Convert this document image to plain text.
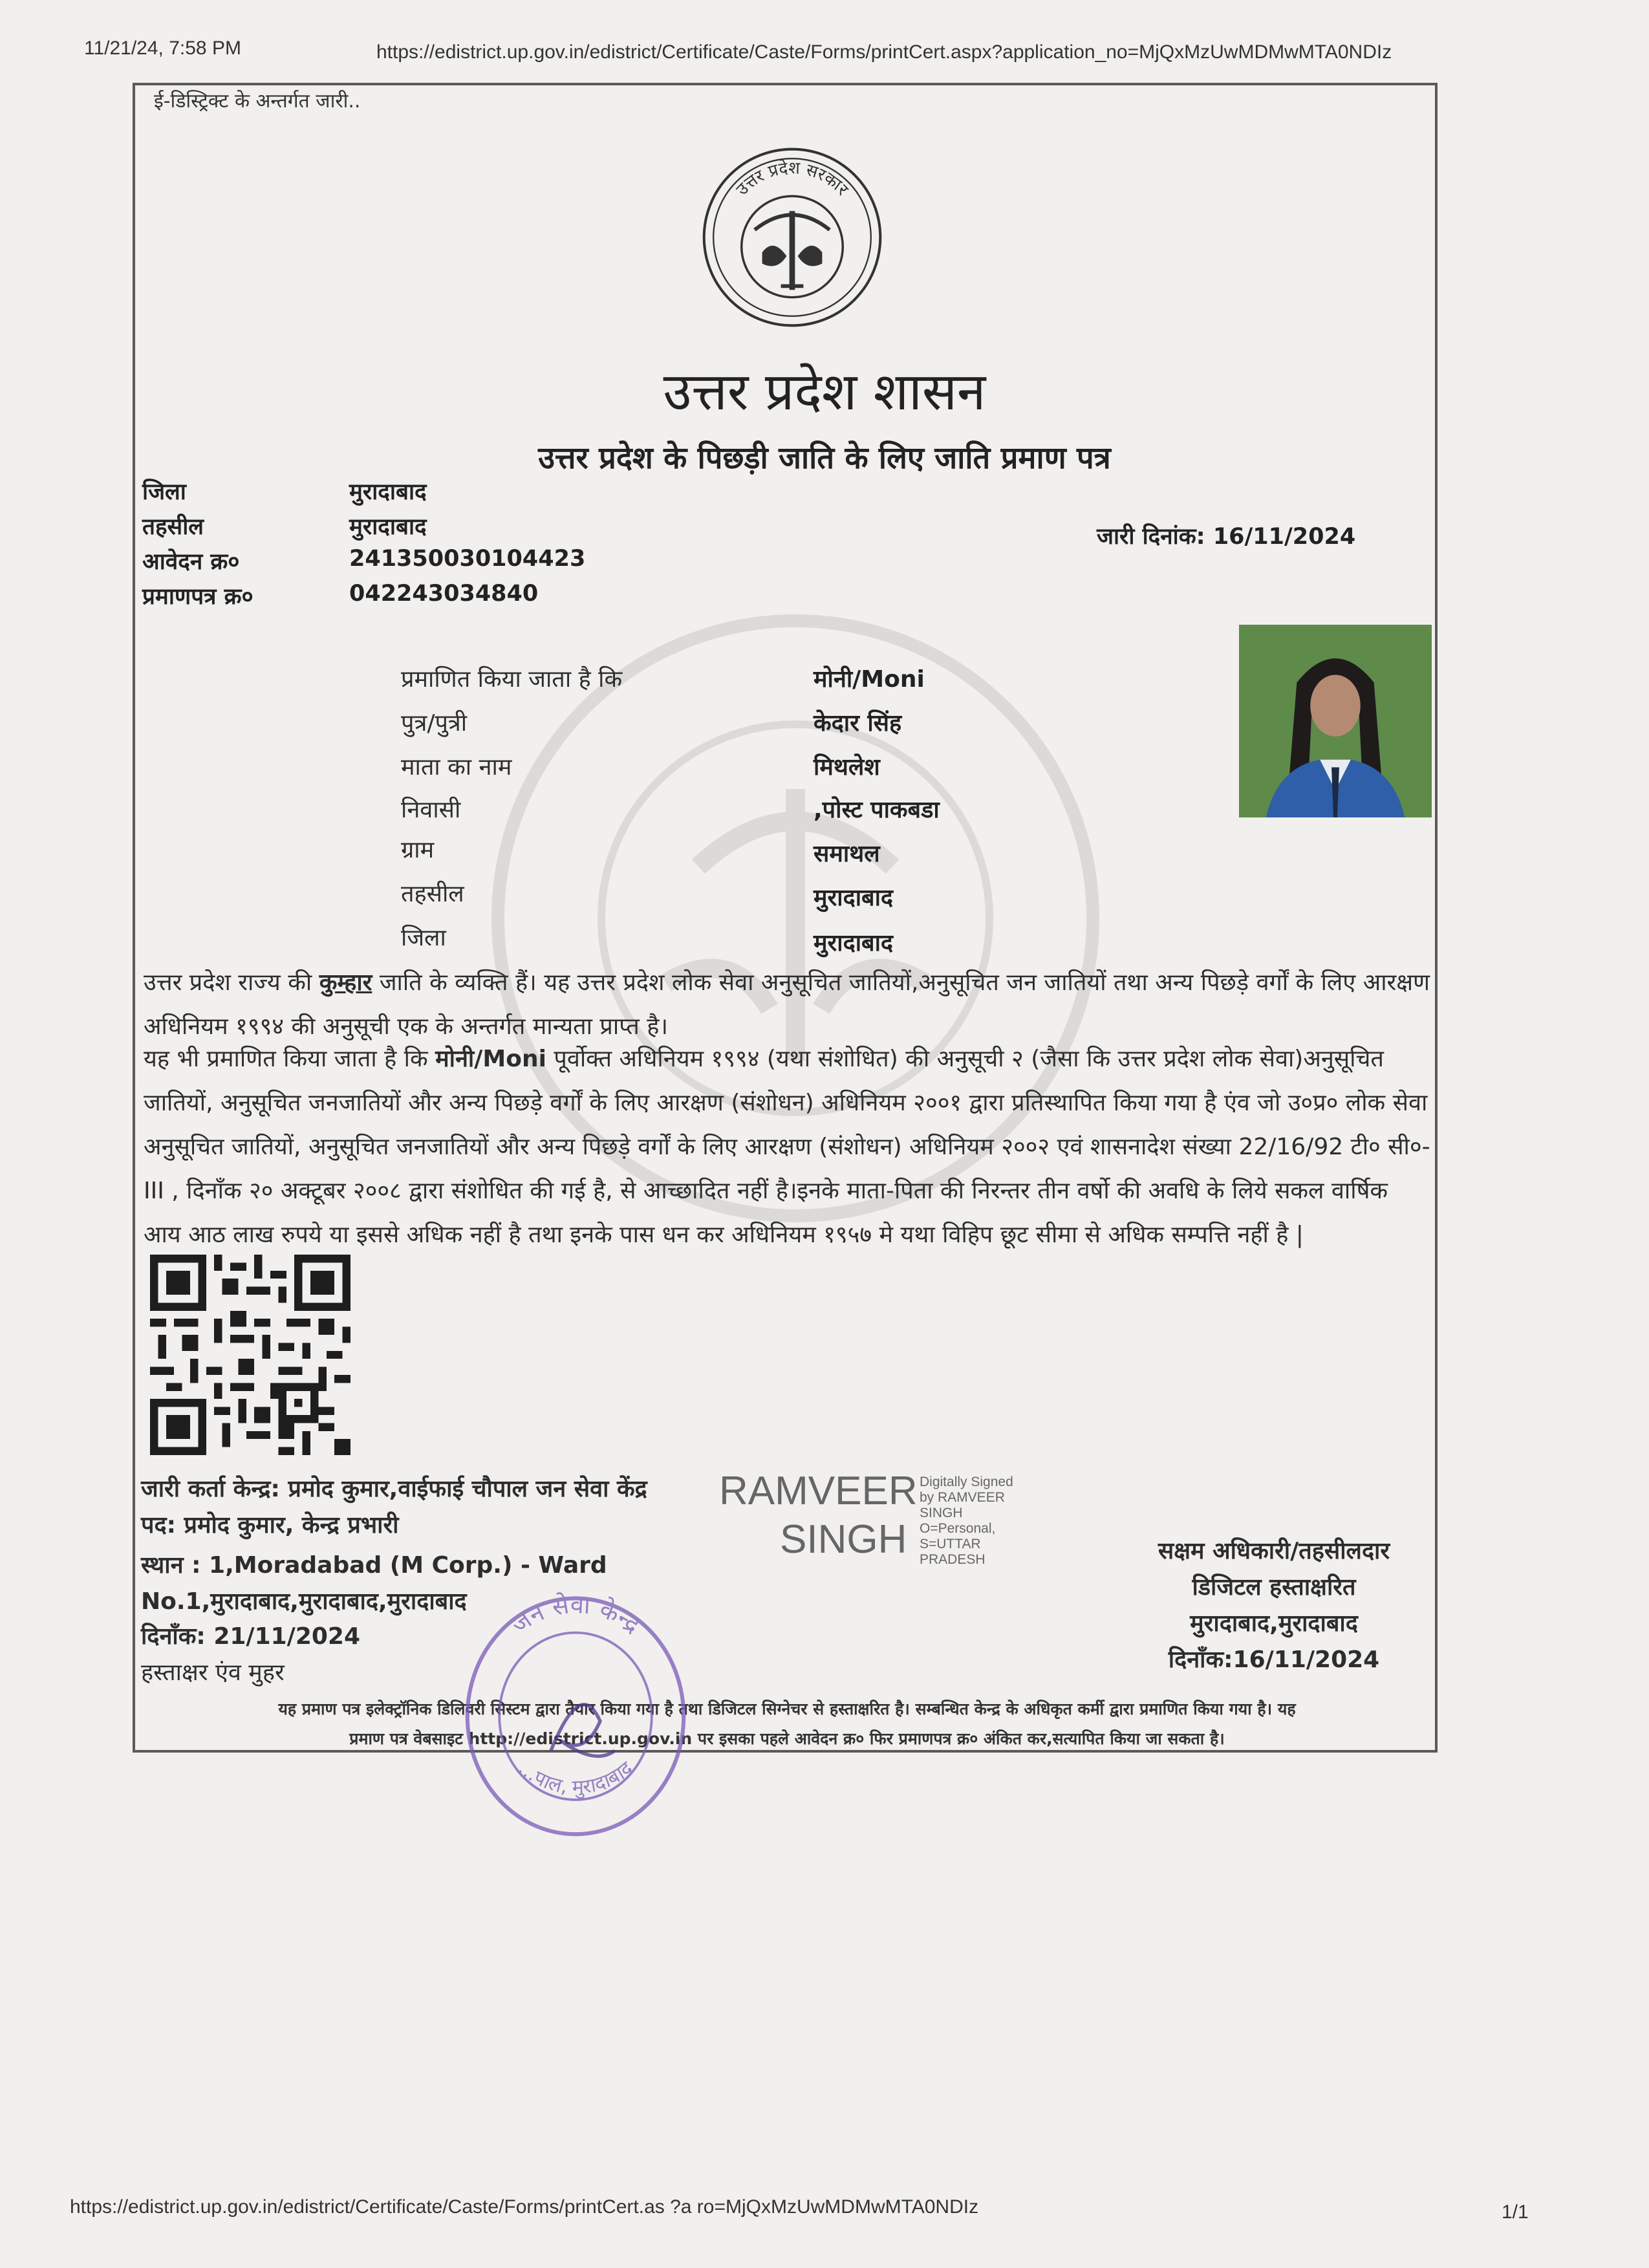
11/21/24, 7:58 PM	https://edistrict.up.gov.in/edistrict/Certificate/Caste/Forms/printCert.aspx?application_no=MjQxMzUwMDMwMTA0NDIz
https://edistrict.up.gov.in/edistrict/Certificate/Caste/Forms/printCert.as ?a ro=MjQxMzUwMDMwMTA0NDIz	1/1
ई-डिस्ट्रिक्ट के अन्तर्गत जारी..
उत्तर प्रदेश सरकार
उत्तर प्रदेश शासन
उत्तर प्रदेश के पिछड़ी जाति के लिए जाति प्रमाण पत्र
जिला	मुरादाबाद
तहसील	मुरादाबाद
आवेदन क्र०	241350030104423
प्रमाणपत्र क्र०	042243034840
जारी दिनांक: 16/11/2024
प्रमाणित किया जाता है कि	मोनी/Moni
पुत्र/पुत्री	केदार सिंह
माता का नाम	मिथलेश
निवासी	,पोस्ट पाकबडा
ग्राम	समाथल
तहसील	मुरादाबाद
जिला	मुरादाबाद
उत्तर प्रदेश राज्य की कुम्हार जाति के व्यक्ति हैं। यह उत्तर प्रदेश लोक सेवा अनुसूचित जातियों,अनुसूचित जन जातियों तथा अन्य पिछड़े वर्गों के लिए आरक्षण अधिनियम १९९४ की अनुसूची एक के अन्तर्गत मान्यता प्राप्त है।
यह भी प्रमाणित किया जाता है कि मोनी/Moni पूर्वोक्त अधिनियम १९९४ (यथा संशोधित) की अनुसूची २ (जैसा कि उत्तर प्रदेश लोक सेवा)अनुसूचित जातियों, अनुसूचित जनजातियों और अन्य पिछड़े वर्गों के लिए आरक्षण (संशोधन) अधिनियम २००१ द्वारा प्रतिस्थापित किया गया है एंव जो उ०प्र० लोक सेवा अनुसूचित जातियों, अनुसूचित जनजातियों और अन्य पिछड़े वर्गों के लिए आरक्षण (संशोधन) अधिनियम २००२ एवं शासनादेश संख्या 22/16/92 टी० सी०-III , दिनाँक २० अक्टूबर २००८ द्वारा संशोधित की गई है, से आच्छादित नहीं है।इनके माता-पिता की निरन्तर तीन वर्षो की अवधि के लिये सकल वार्षिक आय आठ लाख रुपये या इससे अधिक नहीं है तथा इनके पास धन कर अधिनियम १९५७ मे यथा विहिप छूट सीमा से अधिक सम्पत्ति नहीं है |
जारी कर्ता केन्द्र: प्रमोद कुमार,वाईफाई चौपाल जन सेवा केंद्र
पद: प्रमोद कुमार, केन्द्र प्रभारी
स्थान : 1,Moradabad (M Corp.) - Ward
No.1,मुरादाबाद,मुरादाबाद,मुरादाबाद
दिनाँक: 21/11/2024
हस्ताक्षर एंव मुहर
RAMVEER
SINGH
Digitally Signed
by RAMVEER
SINGH
O=Personal,
S=UTTAR
PRADESH	सक्षम अधिकारी/तहसीलदार
डिजिटल हस्ताक्षरित
मुरादाबाद,मुरादाबाद
दिनाँक:16/11/2024
यह प्रमाण पत्र इलेक्ट्रॉनिक डिलिवरी सिस्टम द्वारा तैयार किया गया है तथा डिजिटल सिग्नेचर से हस्ताक्षरित है। सम्बन्धित केन्द्र के अधिकृत कर्मी द्वारा प्रमाणित किया गया है। यह
प्रमाण पत्र वेबसाइट http://edistrict.up.gov.in पर इसका पहले आवेदन क्र० फिर प्रमाणपत्र क्र० अंकित कर,सत्यापित किया जा सकता है।
जन सेवा केन्द्र
...पाल, मुरादाबाद
